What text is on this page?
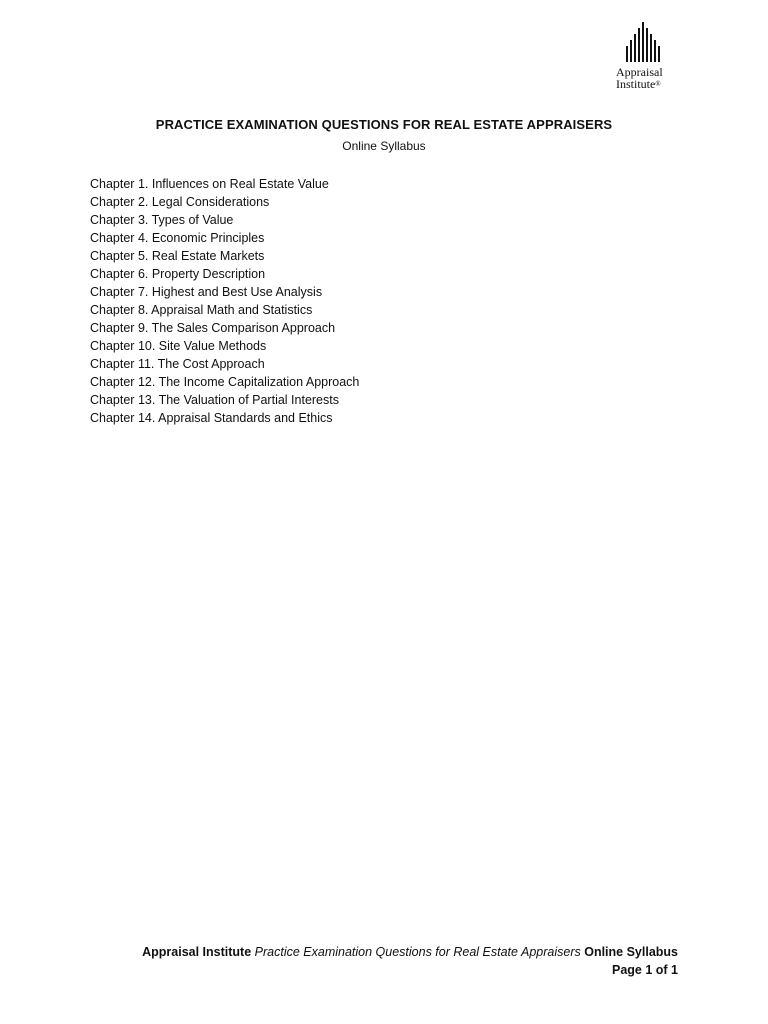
Appraisal
Institute®
PRACTICE EXAMINATION QUESTIONS FOR REAL ESTATE APPRAISERS
Online Syllabus
Chapter 1. Influences on Real Estate Value
Chapter 2. Legal Considerations
Chapter 3. Types of Value
Chapter 4. Economic Principles
Chapter 5. Real Estate Markets
Chapter 6. Property Description
Chapter 7. Highest and Best Use Analysis
Chapter 8. Appraisal Math and Statistics
Chapter 9. The Sales Comparison Approach
Chapter 10. Site Value Methods
Chapter 11. The Cost Approach
Chapter 12. The Income Capitalization Approach
Chapter 13. The Valuation of Partial Interests
Chapter 14. Appraisal Standards and Ethics
Appraisal Institute Practice Examination Questions for Real Estate Appraisers Online Syllabus
Page 1 of 1
